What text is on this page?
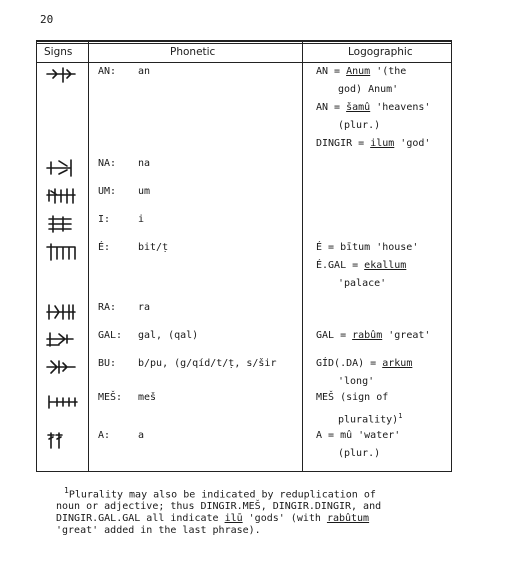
20
Signs	Phonetic	Logographic
AN: an	AN = Anum '(the
god) Anum'
AN = šamû 'heavens'
(plur.)
DINGIR = ilum 'god'
NA: na
UM: um
I:	i
É:	bit/ṭ	É = bītum 'house'
É.GAL = ekallum
'palace'
RA: ra
GAL: gal, (qal)	GAL = rabûm 'great'
BU: b/pu, (g/qíd/t/ṭ, s/šir	GÍD(.DA) = arkum
'long'
MEŠ: meš	MEŠ (sign of
plurality)$^1$
A:	a	A = mû 'water'
(plur.)
$^1$Plurality may also be indicated by reduplication of
noun or adjective; thus DINGIR.MEŠ, DINGIR.DINGIR, and
DINGIR.GAL.GAL all indicate ilū 'gods' (with rabûtum
'great' added in the last phrase).
